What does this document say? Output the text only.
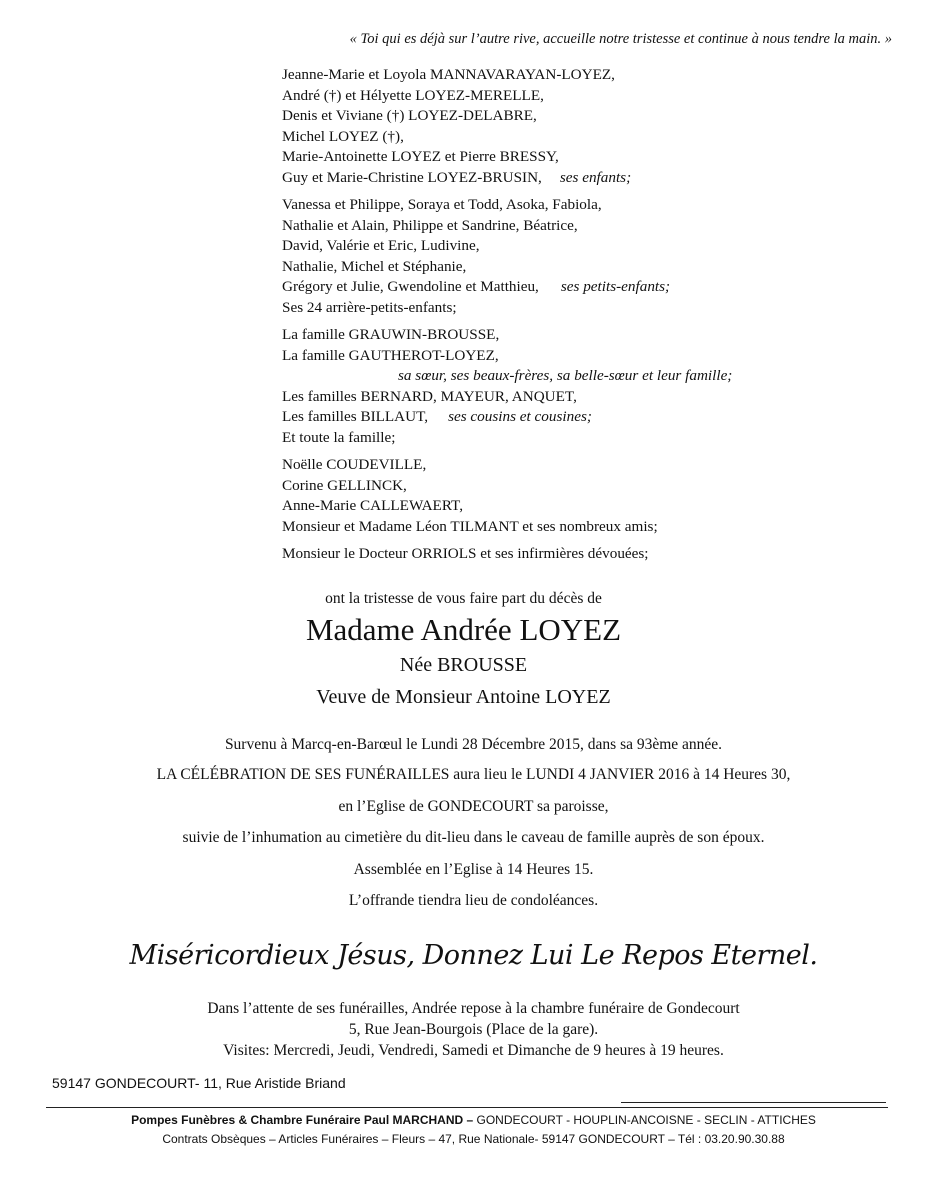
« Toi qui es déjà sur l’autre rive, accueille notre tristesse et continue à nous tendre la main. »
Jeanne-Marie et Loyola MANNAVARAYAN-LOYEZ,
André (†) et Hélyette LOYEZ-MERELLE,
Denis et Viviane (†) LOYEZ-DELABRE,
Michel LOYEZ (†),
Marie-Antoinette LOYEZ et Pierre BRESSY,
Guy et Marie-Christine LOYEZ-BRUSIN, ses enfants;
Vanessa et Philippe, Soraya et Todd, Asoka, Fabiola,
Nathalie et Alain, Philippe et Sandrine, Béatrice,
David, Valérie et Eric, Ludivine,
Nathalie, Michel et Stéphanie,
Grégory et Julie, Gwendoline et Matthieu, ses petits-enfants;
Ses 24 arrière-petits-enfants;
La famille GRAUWIN-BROUSSE,
La famille GAUTHEROT-LOYEZ,
sa sœur, ses beaux-frères, sa belle-sœur et leur famille;
Les familles BERNARD, MAYEUR, ANQUET,
Les familles BILLAUT, ses cousins et cousines;
Et toute la famille;
Noëlle COUDEVILLE,
Corine GELLINCK,
Anne-Marie CALLEWAERT,
Monsieur et Madame Léon TILMANT et ses nombreux amis;
Monsieur le Docteur ORRIOLS et ses infirmières dévouées;
ont la tristesse de vous faire part du décès de
Madame Andrée LOYEZ
Née BROUSSE
Veuve de Monsieur Antoine LOYEZ
Survenu à Marcq-en-Barœul le Lundi 28 Décembre 2015, dans sa 93ème année.
LA CÉLÉBRATION DE SES FUNÉRAILLES aura lieu le LUNDI 4 JANVIER 2016 à 14 Heures 30,
en l’Eglise de GONDECOURT sa paroisse,
suivie de l’inhumation au cimetière du dit-lieu dans le caveau de famille auprès de son époux.
Assemblée en l’Eglise à 14 Heures 15.
L’offrande tiendra lieu de condoléances.
Miséricordieux Jésus, Donnez Lui Le Repos Eternel.
Dans l’attente de ses funérailles, Andrée repose à la chambre funéraire de Gondecourt
5, Rue Jean-Bourgois (Place de la gare).
Visites: Mercredi, Jeudi, Vendredi, Samedi et Dimanche de 9 heures à 19 heures.
59147 GONDECOURT- 11, Rue Aristide Briand
Pompes Funèbres & Chambre Funéraire Paul MARCHAND – GONDECOURT - HOUPLIN-ANCOISNE - SECLIN - ATTICHES
Contrats Obsèques – Articles Funéraires – Fleurs – 47, Rue Nationale- 59147 GONDECOURT – Tél : 03.20.90.30.88
